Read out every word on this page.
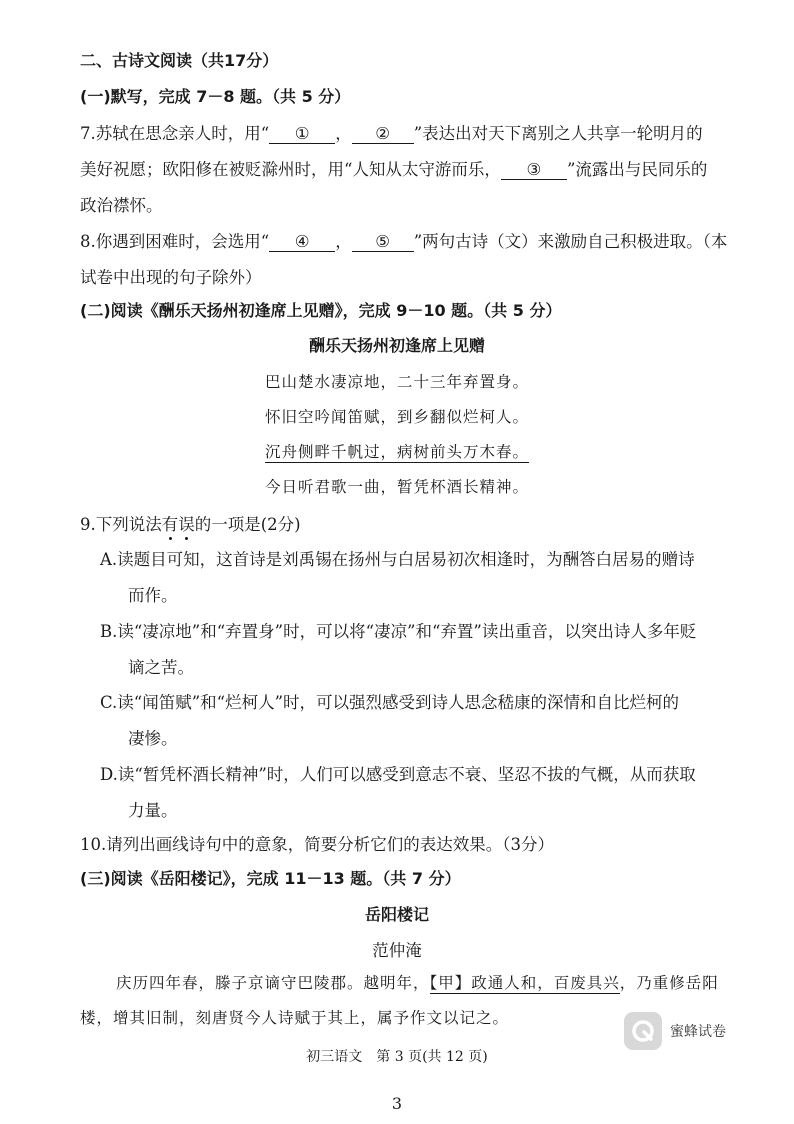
二、古诗文阅读（共17分）
(一)默写，完成 7－8 题。（共 5 分）
7.苏轼在思念亲人时，用“ ① ， ② ”表达出对天下离别之人共享一轮明月的
美好祝愿；欧阳修在被贬滁州时，用“人知从太守游而乐， ③ ”流露出与民同乐的
政治襟怀。
8.你遇到困难时，会选用“ ④ ， ⑤ ”两句古诗（文）来激励自己积极进取。（本
试卷中出现的句子除外）
(二)阅读《酬乐天扬州初逢席上见赠》，完成 9－10 题。（共 5 分）
酬乐天扬州初逢席上见赠
巴山楚水凄凉地，二十三年弃置身。
怀旧空吟闻笛赋，到乡翻似烂柯人。
沉舟侧畔千帆过，病树前头万木春。
今日听君歌一曲，暂凭杯酒长精神。
9.下列说法有误的一项是(2分)
A.读题目可知，这首诗是刘禹锡在扬州与白居易初次相逢时，为酬答白居易的赠诗
而作。
B.读“凄凉地”和“弃置身”时，可以将“凄凉”和“弃置”读出重音，以突出诗人多年贬
谪之苦。
C.读“闻笛赋”和“烂柯人”时，可以强烈感受到诗人思念嵇康的深情和自比烂柯的
凄惨。
D.读“暂凭杯酒长精神”时，人们可以感受到意志不衰、坚忍不拔的气概，从而获取
力量。
10.请列出画线诗句中的意象，简要分析它们的表达效果。（3分）
(三)阅读《岳阳楼记》，完成 11－13 题。（共 7 分）
岳阳楼记
范仲淹
庆历四年春，滕子京谪守巴陵郡。越明年，【甲】政通人和，百废具兴，乃重修岳阳
楼，增其旧制，刻唐贤今人诗赋于其上，属予作文以记之。
蜜蜂试卷
初三语文　第 3 页(共 12 页)
3
